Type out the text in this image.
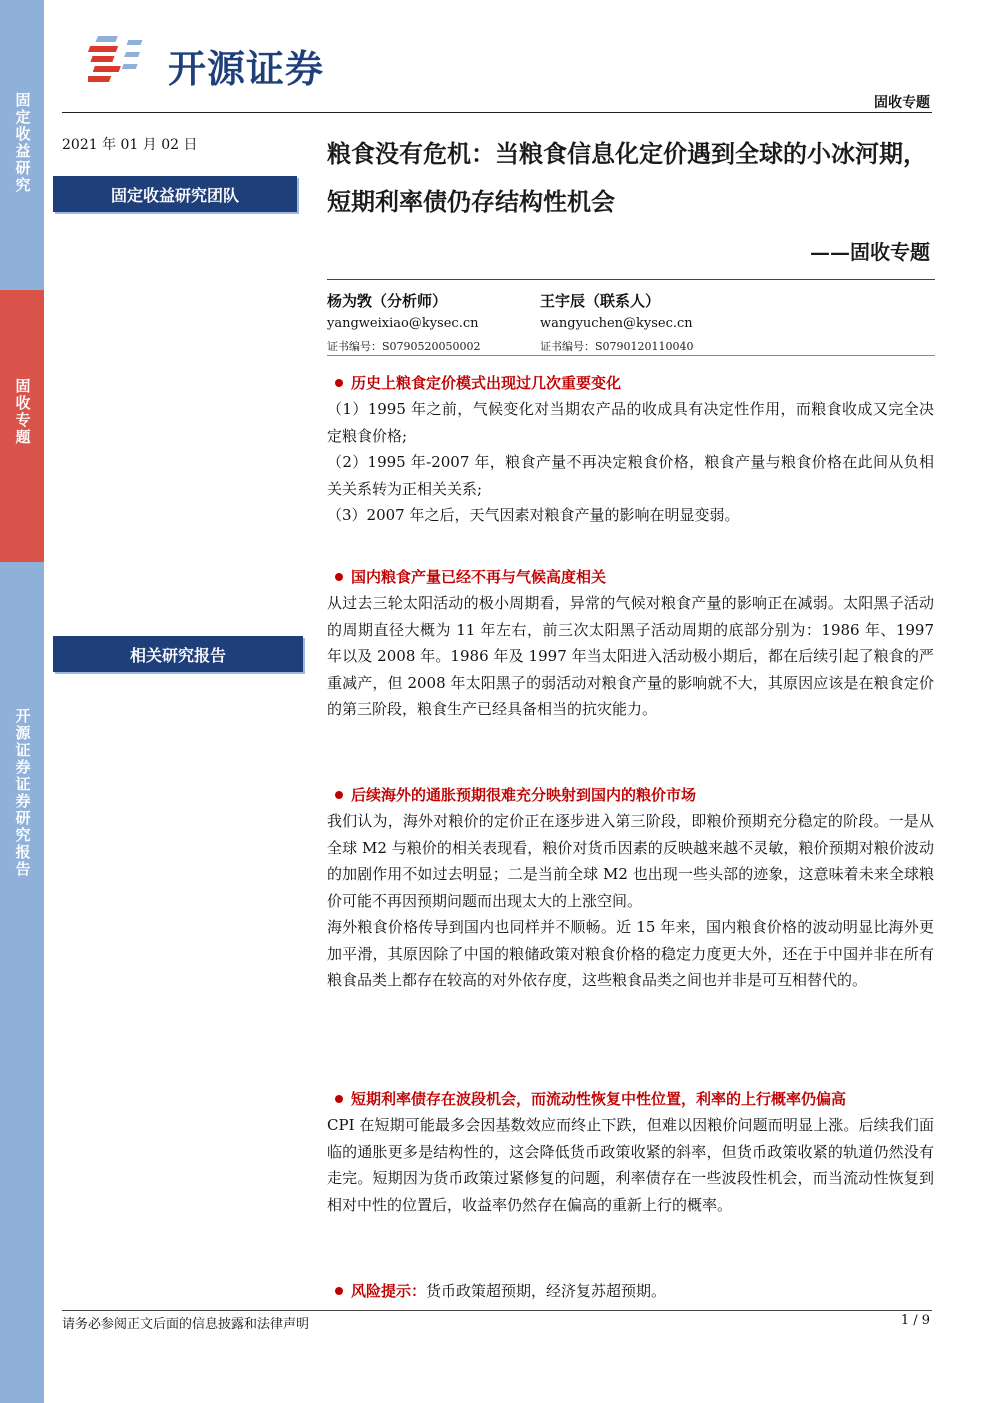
固定收益研究
固收专题
开源证券 证券研究报告
开源证券
固收专题
2021 年 01 月 02 日
固定收益研究团队
相关研究报告
粮食没有危机：当粮食信息化定价遇到全球的小冰河期，短期利率债仍存结构性机会
——固收专题
杨为敩（分析师）
yangweixiao@kysec.cn
证书编号：S0790520050002
王宇辰（联系人）
wangyuchen@kysec.cn
证书编号：S0790120110040
历史上粮食定价模式出现过几次重要变化
（1）1995 年之前，气候变化对当期农产品的收成具有决定性作用，而粮食收成又完全决定粮食价格;
（2）1995 年-2007 年，粮食产量不再决定粮食价格，粮食产量与粮食价格在此间从负相关关系转为正相关关系;
（3）2007 年之后，天气因素对粮食产量的影响在明显变弱。
国内粮食产量已经不再与气候高度相关
从过去三轮太阳活动的极小周期看，异常的气候对粮食产量的影响正在减弱。太阳黑子活动的周期直径大概为 11 年左右，前三次太阳黑子活动周期的底部分别为：1986 年、1997 年以及 2008 年。1986 年及 1997 年当太阳进入活动极小期后，都在后续引起了粮食的严重减产，但 2008 年太阳黑子的弱活动对粮食产量的影响就不大，其原因应该是在粮食定价的第三阶段，粮食生产已经具备相当的抗灾能力。
后续海外的通胀预期很难充分映射到国内的粮价市场
我们认为，海外对粮价的定价正在逐步进入第三阶段，即粮价预期充分稳定的阶段。一是从全球 M2 与粮价的相关表现看，粮价对货币因素的反映越来越不灵敏，粮价预期对粮价波动的加剧作用不如过去明显；二是当前全球 M2 也出现一些头部的迹象，这意味着未来全球粮价可能不再因预期问题而出现太大的上涨空间。
海外粮食价格传导到国内也同样并不顺畅。近 15 年来，国内粮食价格的波动明显比海外更加平滑，其原因除了中国的粮储政策对粮食价格的稳定力度更大外，还在于中国并非在所有粮食品类上都存在较高的对外依存度，这些粮食品类之间也并非是可互相替代的。
短期利率债存在波段机会，而流动性恢复中性位置，利率的上行概率仍偏高
CPI 在短期可能最多会因基数效应而终止下跌，但难以因粮价问题而明显上涨。后续我们面临的通胀更多是结构性的，这会降低货币政策收紧的斜率，但货币政策收紧的轨道仍然没有走完。短期因为货币政策过紧修复的问题，利率债存在一些波段性机会，而当流动性恢复到相对中性的位置后，收益率仍然存在偏高的重新上行的概率。
风险提示： 货币政策超预期，经济复苏超预期。
请务必参阅正文后面的信息披露和法律声明	1 / 9
